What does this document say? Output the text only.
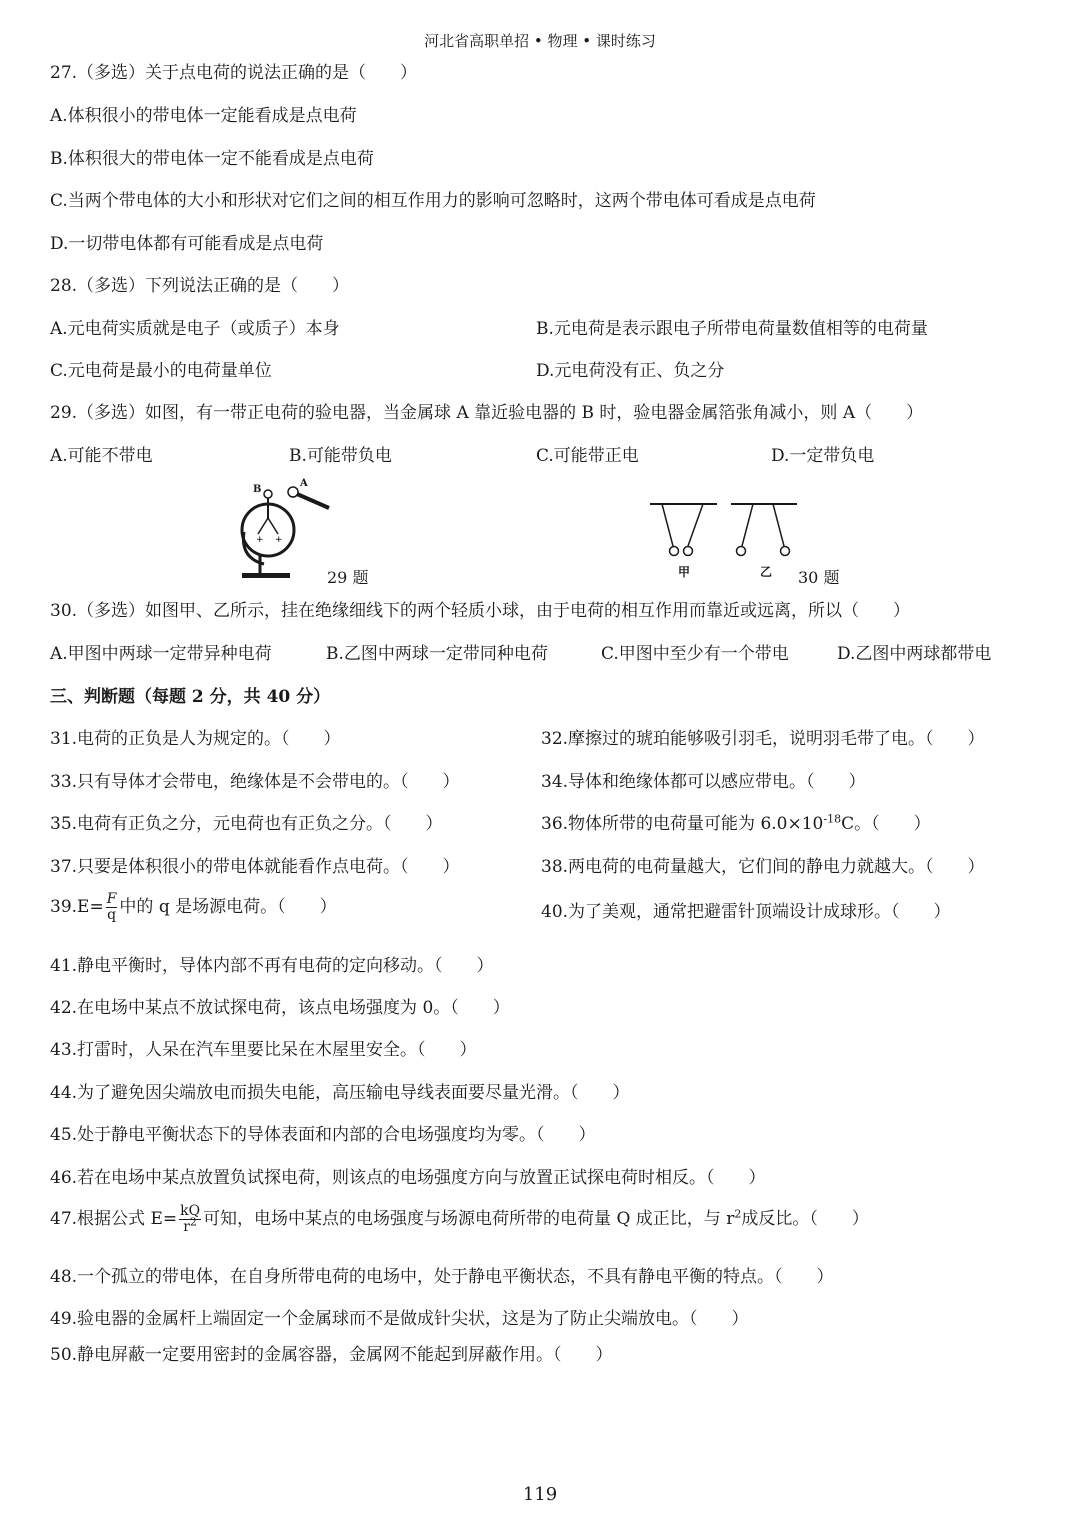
河北省高职单招 • 物理 • 课时练习
27.（多选）关于点电荷的说法正确的是（　　）
A.体积很小的带电体一定能看成是点电荷
B.体积很大的带电体一定不能看成是点电荷
C.当两个带电体的大小和形状对它们之间的相互作用力的影响可忽略时，这两个带电体可看成是点电荷
D.一切带电体都有可能看成是点电荷
28.（多选）下列说法正确的是（　　）
A.元电荷实质就是电子（或质子）本身	B.元电荷是表示跟电子所带电荷量数值相等的电荷量
C.元电荷是最小的电荷量单位	D.元电荷没有正、负之分
29.（多选）如图，有一带正电荷的验电器，当金属球 A 靠近验电器的 B 时，验电器金属箔张角减小，则 A（　　）
A.可能不带电	B.可能带负电	C.可能带正电	D.一定带负电
+ +
B
A
29 题	甲	乙 30 题
30.（多选）如图甲、乙所示，挂在绝缘细线下的两个轻质小球，由于电荷的相互作用而靠近或远离，所以（　　）
A.甲图中两球一定带异种电荷	B.乙图中两球一定带同种电荷	C.甲图中至少有一个带电	D.乙图中两球都带电
三、判断题（每题 2 分，共 40 分）
31.电荷的正负是人为规定的。（　　）	32.摩擦过的琥珀能够吸引羽毛，说明羽毛带了电。（　　）
33.只有导体才会带电，绝缘体是不会带电的。（　　）	34.导体和绝缘体都可以感应带电。（　　）
35.电荷有正负之分，元电荷也有正负之分。（　　）	36.物体所带的电荷量可能为 $6.0\times 10^{-18}C$。（　　）
37.只要是体积很小的带电体就能看作点电荷。（　　）	38.两电荷的电荷量越大，它们间的静电力就越大。（　　）
$39.E= \frac{F}{q}$ 中的 q 是场源电荷。（　　）	40.为了美观，通常把避雷针顶端设计成球形。（　　）
41.静电平衡时，导体内部不再有电荷的定向移动。（　　）
42.在电场中某点不放试探电荷，该点电场强度为 0。（　　）
43.打雷时，人呆在汽车里要比呆在木屋里安全。（　　）
44.为了避免因尖端放电而损失电能，高压输电导线表面要尽量光滑。（　　）
45.处于静电平衡状态下的导体表面和内部的合电场强度均为零。（　　）
46.若在电场中某点放置负试探电荷，则该点的电场强度方向与放置正试探电荷时相反。（　　）
47.根据公式 $E= \frac{kQ}{r^2}$ 可知，电场中某点的电场强度与场源电荷所带的电荷量 Q 成正比，与 $r^2$成反比。（　　）
48.一个孤立的带电体，在自身所带电荷的电场中，处于静电平衡状态，不具有静电平衡的特点。（　　）
49.验电器的金属杆上端固定一个金属球而不是做成针尖状，这是为了防止尖端放电。（　　）
50.静电屏蔽一定要用密封的金属容器，金属网不能起到屏蔽作用。（　　）
119
